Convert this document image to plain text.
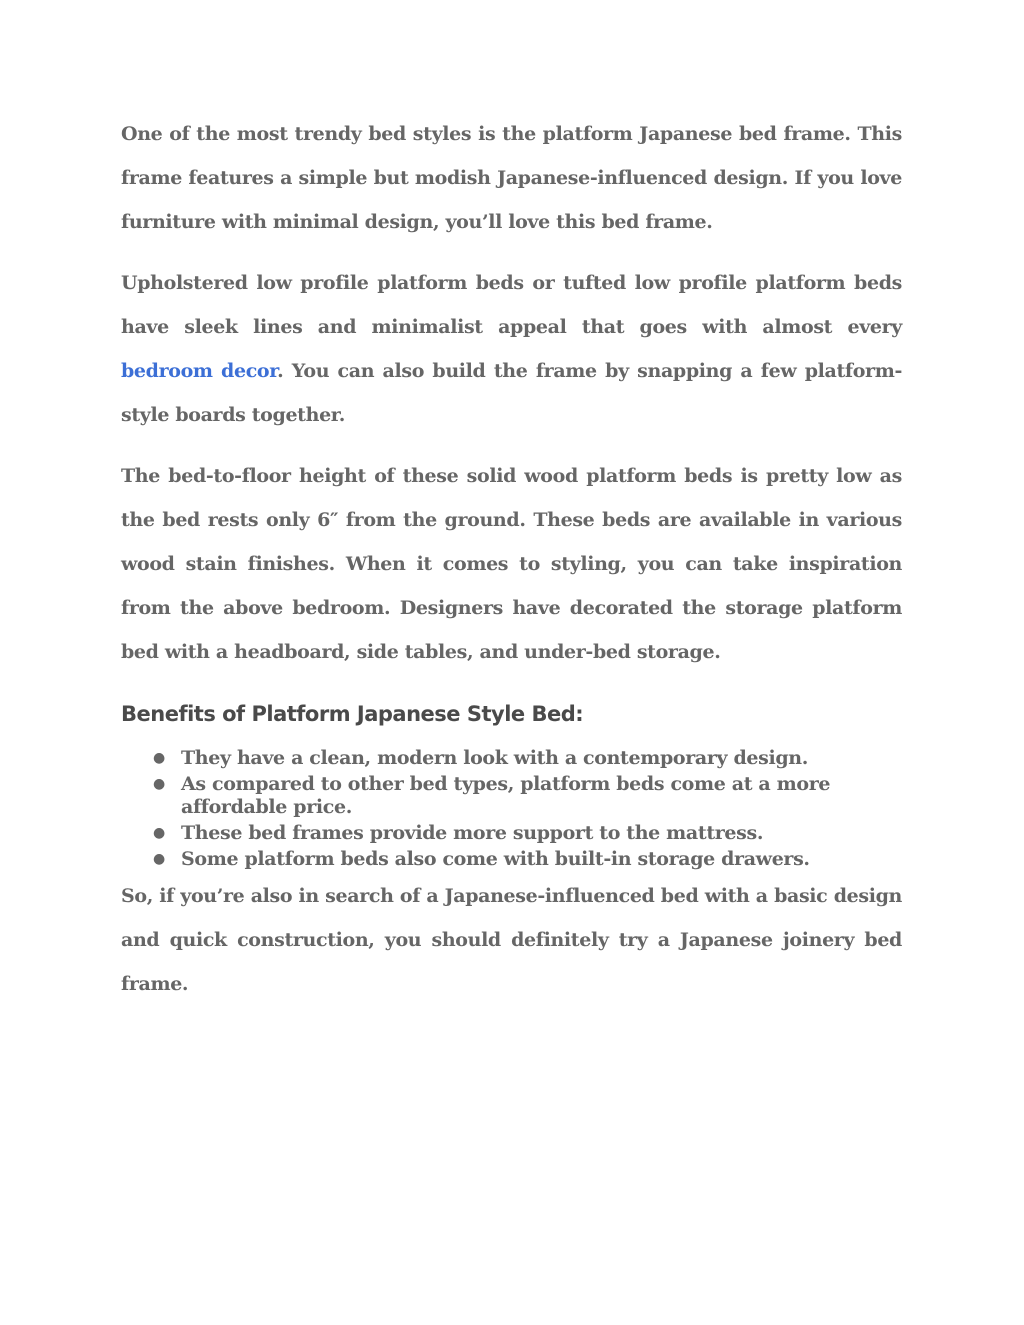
One of the most trendy bed styles is the platform Japanese bed frame. This frame features a simple but modish Japanese-influenced design. If you love furniture with minimal design, you’ll love this bed frame.

Upholstered low profile platform beds or tufted low profile platform beds have sleek lines and minimalist appeal that goes with almost every bedroom decor. You can also build the frame by snapping a few platform-style boards together.

The bed-to-floor height of these solid wood platform beds is pretty low as the bed rests only 6″ from the ground. These beds are available in various wood stain finishes. When it comes to styling, you can take inspiration from the above bedroom. Designers have decorated the storage platform bed with a headboard, side tables, and under-bed storage.

Benefits of Platform Japanese Style Bed:
● They have a clean, modern look with a contemporary design.
● As compared to other bed types, platform beds come at a more affordable price.
● These bed frames provide more support to the mattress.
● Some platform beds also come with built-in storage drawers.

So, if you’re also in search of a Japanese-influenced bed with a basic design and quick construction, you should definitely try a Japanese joinery bed frame.
